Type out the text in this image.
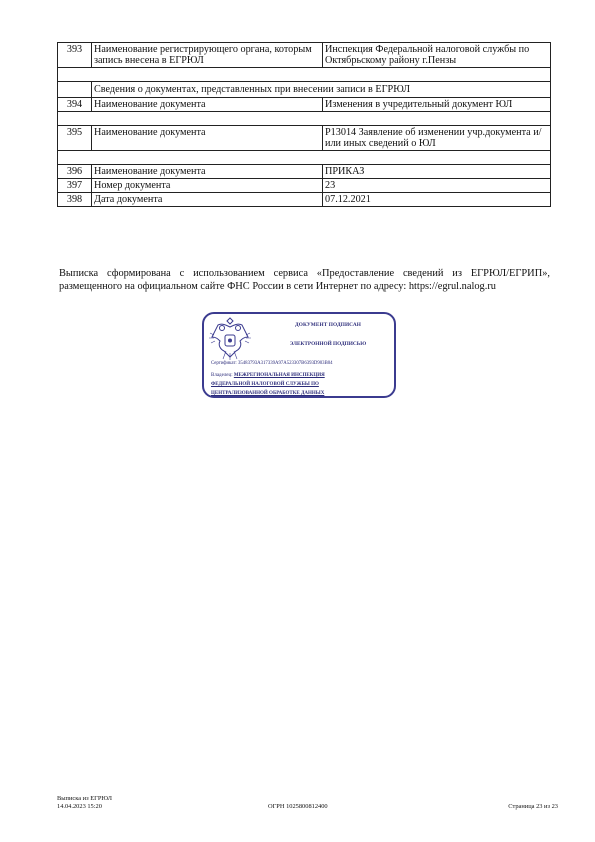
393	Наименование регистрирующего органа, которым запись внесена в ЕГРЮЛ	Инспекция Федеральной налоговой службы по Октябрьскому району г.Пензы

	Сведения о документах, представленных при внесении записи в ЕГРЮЛ	
394	Наименование документа	Изменения в учредительный документ ЮЛ

395	Наименование документа	Р13014 Заявление об изменении учр.документа и/или иных сведений о ЮЛ

396	Наименование документа	ПРИКАЗ
397	Номер документа	23
398	Дата документа	07.12.2021

Выписка сформирована с использованием сервиса «Предоставление сведений из ЕГРЮЛ/ЕГРИП», размещенного на официальном сайте ФНС России в сети Интернет по адресу: https://egrul.nalog.ru

ДОКУМЕНТ ПОДПИСАН
ЭЛЕКТРОННОЙ ПОДПИСЬЮ
Сертификат: 35483793A317339A97A523307B6393D903B04
Владелец: МЕЖРЕГИОНАЛЬНАЯ ИНСПЕКЦИЯ ФЕДЕРАЛЬНОЙ НАЛОГОВОЙ СЛУЖБЫ ПО ЦЕНТРАЛИЗОВАННОЙ ОБРАБОТКЕ ДАННЫХ
Выписка из ЕГРЮЛ
14.04.2023 15:20	ОГРН 1025800812400	Страница 23 из 23
